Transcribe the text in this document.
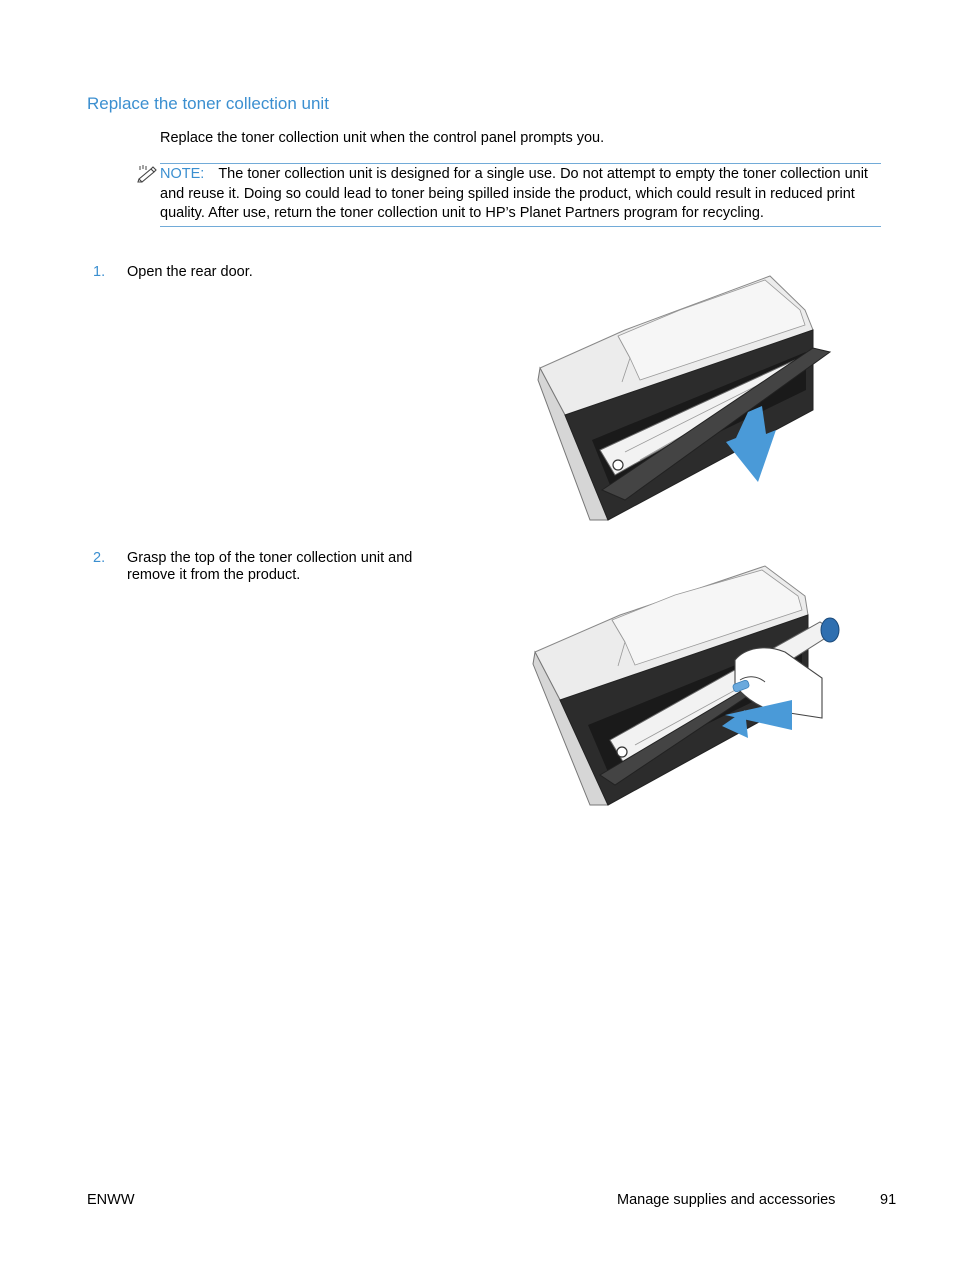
Replace the toner collection unit
Replace the toner collection unit when the control panel prompts you.
NOTE: The toner collection unit is designed for a single use. Do not attempt to empty the toner collection unit and reuse it. Doing so could lead to toner being spilled inside the product, which could result in reduced print quality. After use, return the toner collection unit to HP’s Planet Partners program for recycling.
1. Open the rear door.
2. Grasp the top of the toner collection unit and remove it from the product.
ENWW	Manage supplies and accessories	91
